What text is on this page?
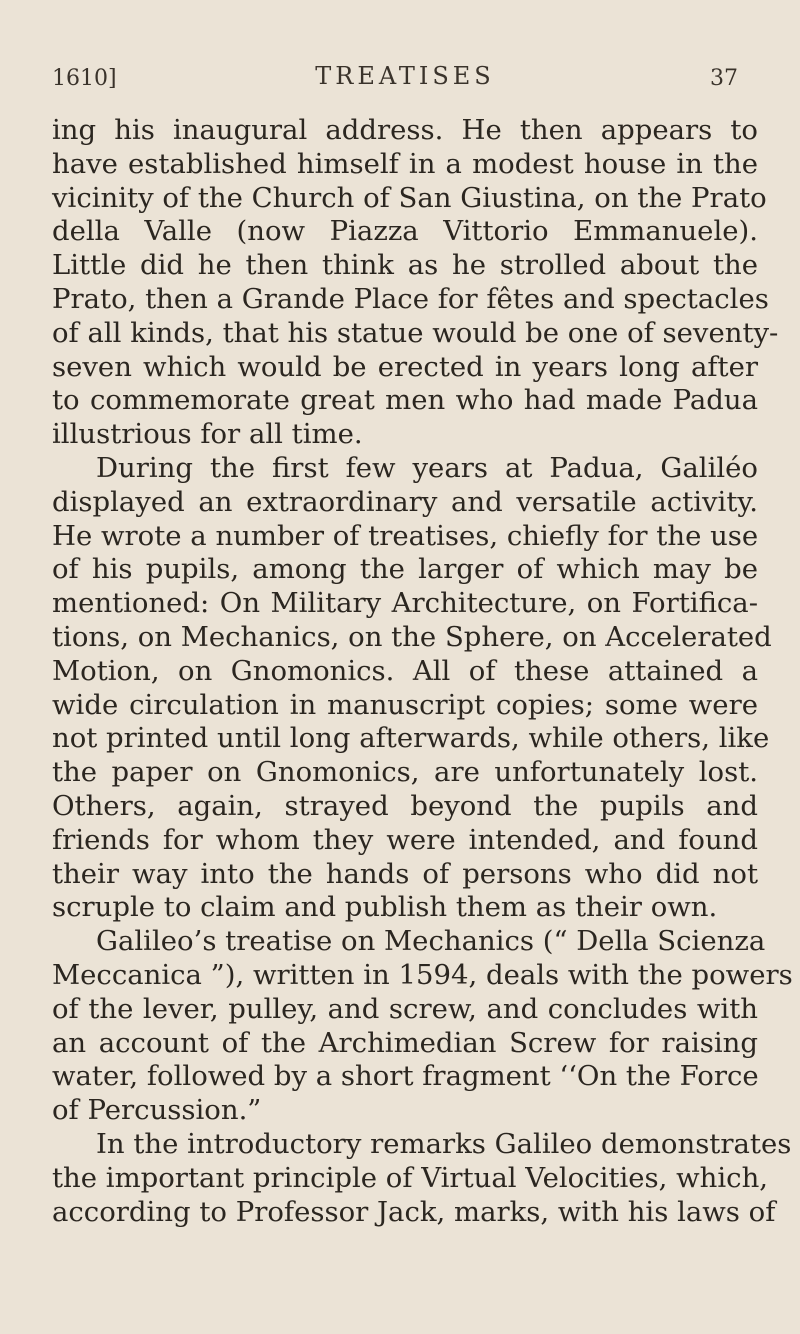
1610]	TREATISES	37
ing his inaugural address. He then appears to
have established himself in a modest house in the
vicinity of the Church of San Giustina, on the Prato
della Valle (now Piazza Vittorio Emmanuele).
Little did he then think as he strolled about the
Prato, then a Grande Place for fêtes and spectacles
of all kinds, that his statue would be one of seventy-
seven which would be erected in years long after
to commemorate great men who had made Padua
illustrious for all time.
During the first few years at Padua, Galiléo
displayed an extraordinary and versatile activity.
He wrote a number of treatises, chiefly for the use
of his pupils, among the larger of which may be
mentioned: On Military Architecture, on Fortifica-
tions, on Mechanics, on the Sphere, on Accelerated
Motion, on Gnomonics. All of these attained a
wide circulation in manuscript copies; some were
not printed until long afterwards, while others, like
the paper on Gnomonics, are unfortunately lost.
Others, again, strayed beyond the pupils and
friends for whom they were intended, and found
their way into the hands of persons who did not
scruple to claim and publish them as their own.
Galileo’s treatise on Mechanics (“ Della Scienza
Meccanica ”), written in 1594, deals with the powers
of the lever, pulley, and screw, and concludes with
an account of the Archimedian Screw for raising
water, followed by a short fragment ‘‘On the Force
of Percussion.”
In the introductory remarks Galileo demonstrates
the important principle of Virtual Velocities, which,
according to Professor Jack, marks, with his laws of
